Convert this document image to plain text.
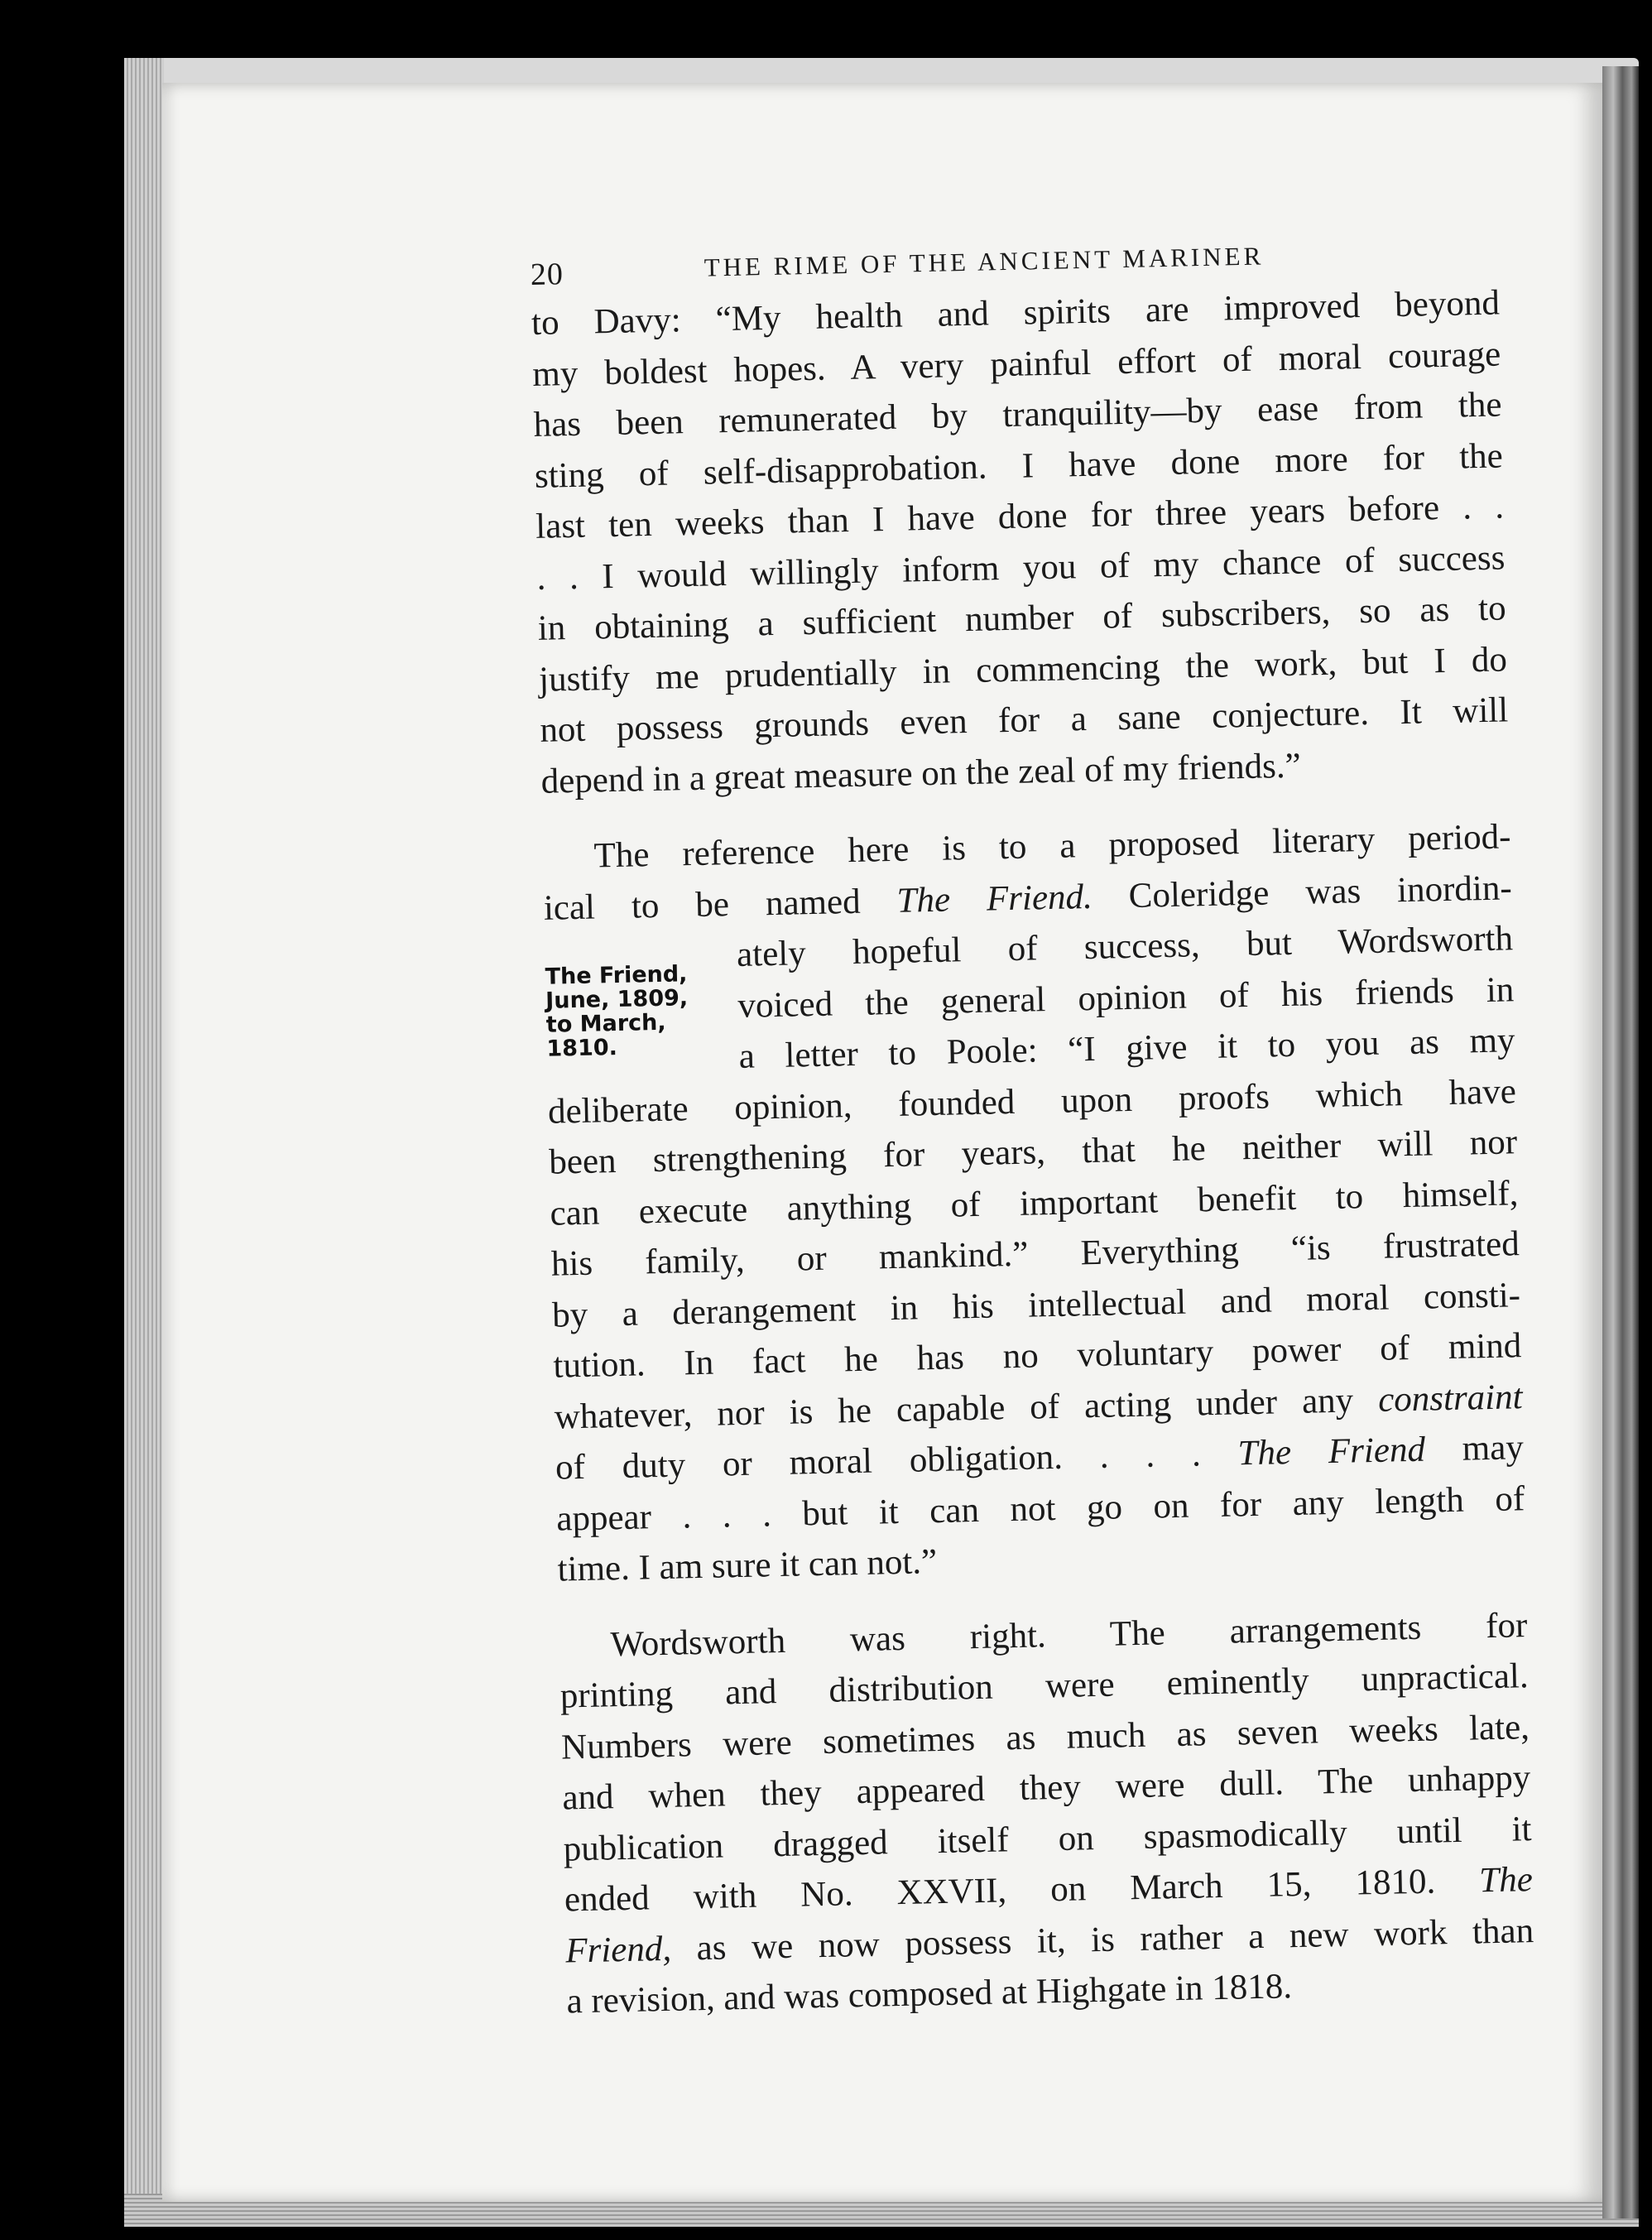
20	THE RIME OF THE ANCIENT MARINER
to Davy: “My health and spirits are improved beyond
my boldest hopes. A very painful effort of moral courage
has been remunerated by tranquility—by ease from the
sting of self-disapprobation. I have done more for the
last ten weeks than I have done for three years before . .
. . I would willingly inform you of my chance of success
in obtaining a sufficient number of subscribers, so as to
justify me prudentially in commencing the work, but I do
not possess grounds even for a sane conjecture. It will
depend in a great measure on the zeal of my friends.”
The reference here is to a proposed literary period-
ical to be named The Friend. Coleridge was inordin-
The Friend,
June, 1809,
to March,
1810.
ately hopeful of success, but Wordsworth
voiced the general opinion of his friends in
a letter to Poole: “I give it to you as my
deliberate opinion, founded upon proofs which have
been strengthening for years, that he neither will nor
can execute anything of important benefit to himself,
his family, or mankind.” Everything “is frustrated
by a derangement in his intellectual and moral consti-
tution. In fact he has no voluntary power of mind
whatever, nor is he capable of acting under any constraint
of duty or moral obligation. . . . The Friend may
appear . . . but it can not go on for any length of
time. I am sure it can not.”
Wordsworth was right. The arrangements for
printing and distribution were eminently unpractical.
Numbers were sometimes as much as seven weeks late,
and when they appeared they were dull. The unhappy
publication dragged itself on spasmodically until it
ended with No. XXVII, on March 15, 1810. The
Friend, as we now possess it, is rather a new work than
a revision, and was composed at Highgate in 1818.
